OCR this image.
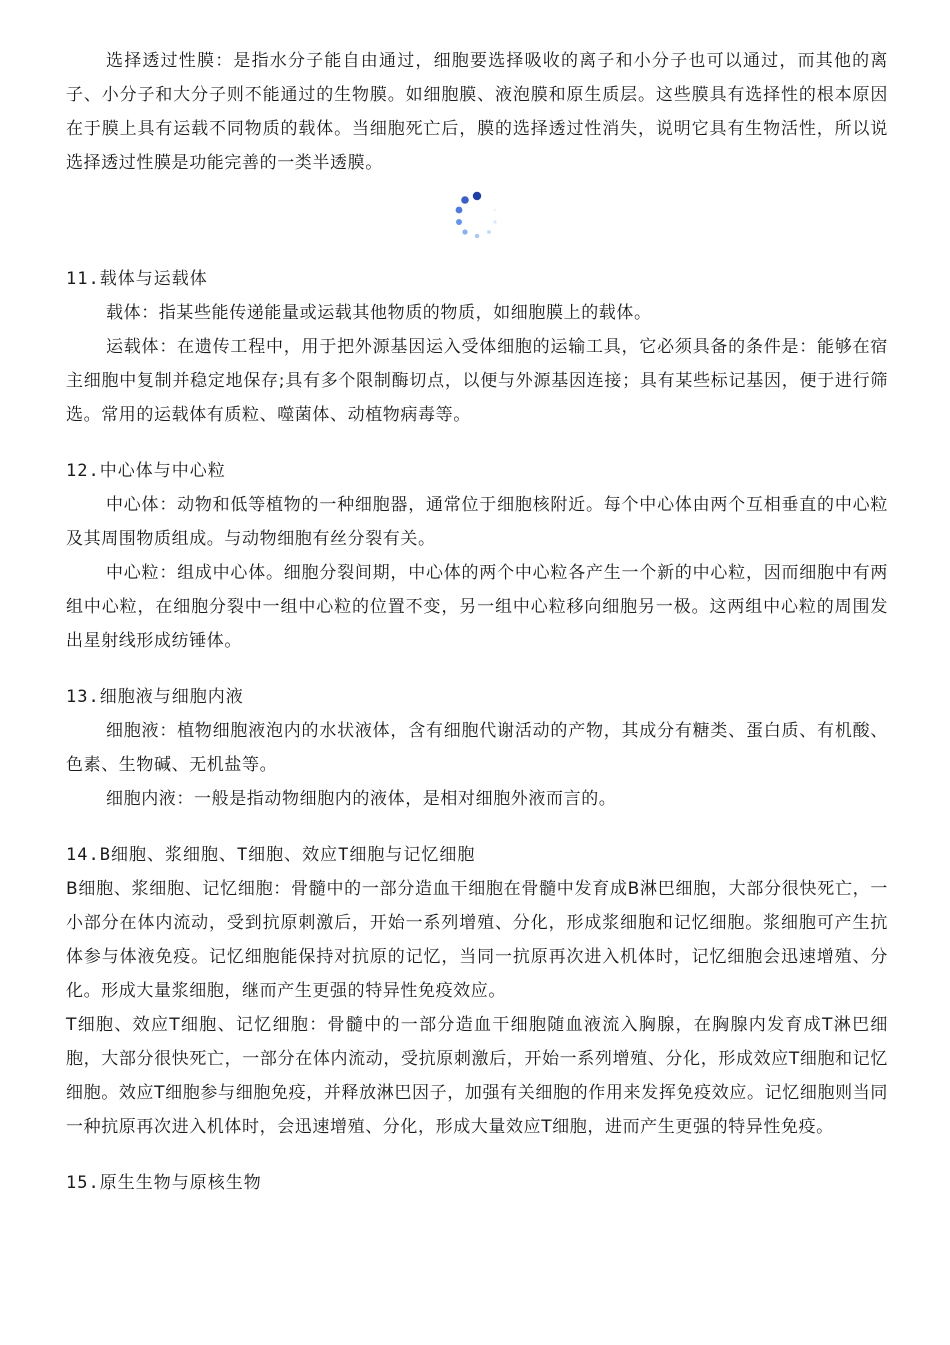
选择透过性膜：是指水分子能自由通过，细胞要选择吸收的离子和小分子也可以通过，而其他的离子、小分子和大分子则不能通过的生物膜。如细胞膜、液泡膜和原生质层。这些膜具有选择性的根本原因在于膜上具有运载不同物质的载体。当细胞死亡后，膜的选择透过性消失，说明它具有生物活性，所以说选择透过性膜是功能完善的一类半透膜。

11.载体与运载体

载体：指某些能传递能量或运载其他物质的物质，如细胞膜上的载体。

运载体：在遗传工程中，用于把外源基因运入受体细胞的运输工具，它必须具备的条件是：能够在宿主细胞中复制并稳定地保存;具有多个限制酶切点，以便与外源基因连接；具有某些标记基因，便于进行筛选。常用的运载体有质粒、噬菌体、动植物病毒等。

12.中心体与中心粒

中心体：动物和低等植物的一种细胞器，通常位于细胞核附近。每个中心体由两个互相垂直的中心粒及其周围物质组成。与动物细胞有丝分裂有关。

中心粒：组成中心体。细胞分裂间期，中心体的两个中心粒各产生一个新的中心粒，因而细胞中有两组中心粒，在细胞分裂中一组中心粒的位置不变，另一组中心粒移向细胞另一极。这两组中心粒的周围发出星射线形成纺锤体。

13.细胞液与细胞内液

细胞液：植物细胞液泡内的水状液体，含有细胞代谢活动的产物，其成分有糖类、蛋白质、有机酸、色素、生物碱、无机盐等。

细胞内液：一般是指动物细胞内的液体，是相对细胞外液而言的。

14.B细胞、浆细胞、T细胞、效应T细胞与记忆细胞

B细胞、浆细胞、记忆细胞：骨髓中的一部分造血干细胞在骨髓中发育成B淋巴细胞，大部分很快死亡，一小部分在体内流动，受到抗原刺激后，开始一系列增殖、分化，形成浆细胞和记忆细胞。浆细胞可产生抗体参与体液免疫。记忆细胞能保持对抗原的记忆，当同一抗原再次进入机体时，记忆细胞会迅速增殖、分化。形成大量浆细胞，继而产生更强的特异性免疫效应。

T细胞、效应T细胞、记忆细胞：骨髓中的一部分造血干细胞随血液流入胸腺，在胸腺内发育成T淋巴细胞，大部分很快死亡，一部分在体内流动，受抗原刺激后，开始一系列增殖、分化，形成效应T细胞和记忆细胞。效应T细胞参与细胞免疫，并释放淋巴因子，加强有关细胞的作用来发挥免疫效应。记忆细胞则当同一种抗原再次进入机体时，会迅速增殖、分化，形成大量效应T细胞，进而产生更强的特异性免疫。

15.原生生物与原核生物
